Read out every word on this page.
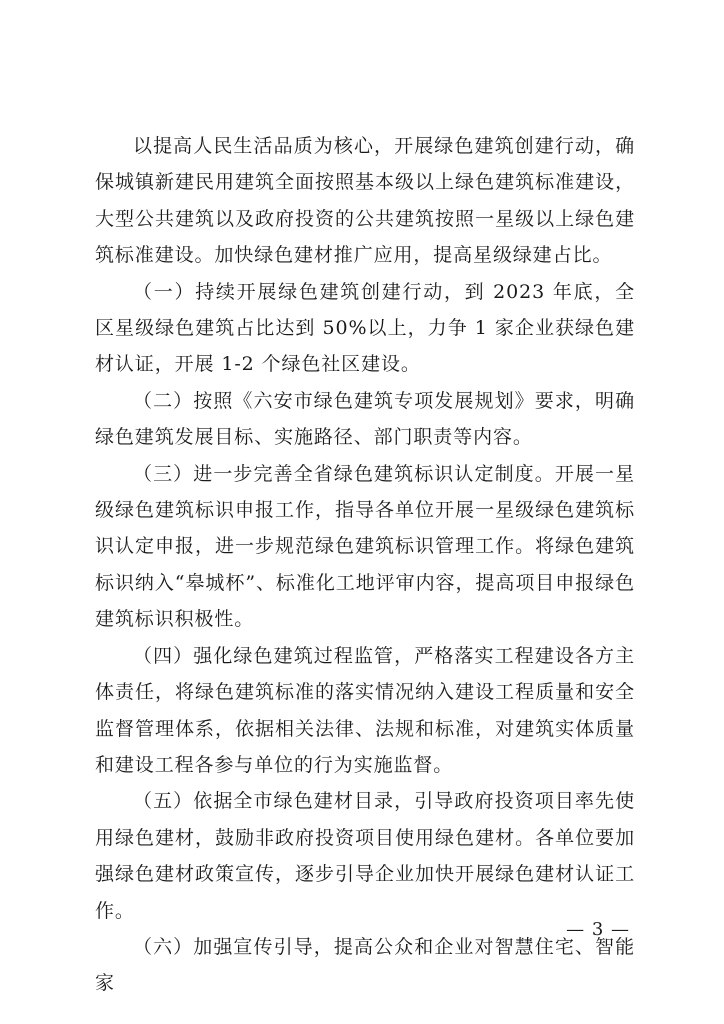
以提高人民生活品质为核心，开展绿色建筑创建行动，确保城镇新建民用建筑全面按照基本级以上绿色建筑标准建设，大型公共建筑以及政府投资的公共建筑按照一星级以上绿色建筑标准建设。加快绿色建材推广应用，提高星级绿建占比。

（一）持续开展绿色建筑创建行动，到 2023 年底，全区星级绿色建筑占比达到 50%以上，力争 1 家企业获绿色建材认证，开展 1-2 个绿色社区建设。

（二）按照《六安市绿色建筑专项发展规划》要求，明确绿色建筑发展目标、实施路径、部门职责等内容。

（三）进一步完善全省绿色建筑标识认定制度。开展一星级绿色建筑标识申报工作，指导各单位开展一星级绿色建筑标识认定申报，进一步规范绿色建筑标识管理工作。将绿色建筑标识纳入“皋城杯”、标准化工地评审内容，提高项目申报绿色建筑标识积极性。

（四）强化绿色建筑过程监管，严格落实工程建设各方主体责任，将绿色建筑标准的落实情况纳入建设工程质量和安全监督管理体系，依据相关法律、法规和标准，对建筑实体质量和建设工程各参与单位的行为实施监督。

（五）依据全市绿色建材目录，引导政府投资项目率先使用绿色建材，鼓励非政府投资项目使用绿色建材。各单位要加强绿色建材政策宣传，逐步引导企业加快开展绿色建材认证工作。

（六）加强宣传引导，提高公众和企业对智慧住宅、智能家

— 3 —
